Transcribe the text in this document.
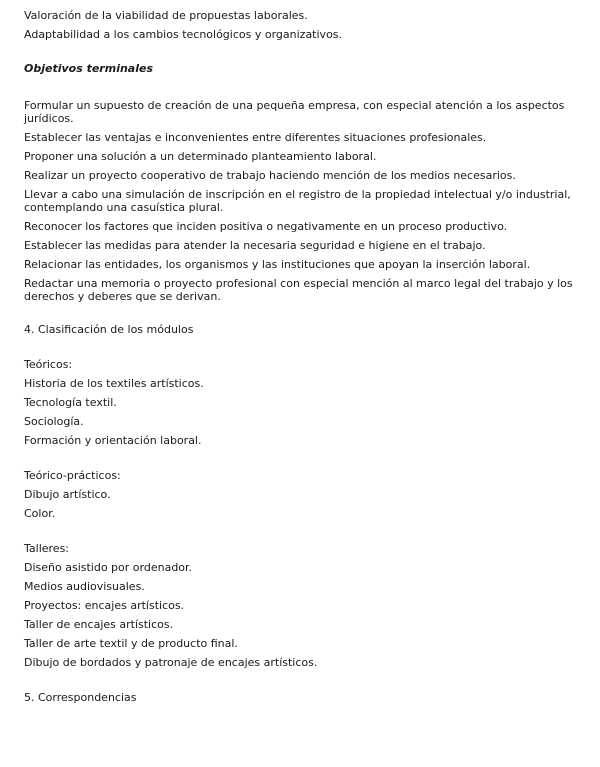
Valoración de la viabilidad de propuestas laborales.

Adaptabilidad a los cambios tecnológicos y organizativos.

Objetivos terminales

Formular un supuesto de creación de una pequeña empresa, con especial atención a los aspectos jurídicos.

Establecer las ventajas e inconvenientes entre diferentes situaciones profesionales.

Proponer una solución a un determinado planteamiento laboral.

Realizar un proyecto cooperativo de trabajo haciendo mención de los medios necesarios.

Llevar a cabo una simulación de inscripción en el registro de la propiedad intelectual y/o industrial, contemplando una casuística plural.

Reconocer los factores que inciden positiva o negativamente en un proceso productivo.

Establecer las medidas para atender la necesaria seguridad e higiene en el trabajo.

Relacionar las entidades, los organismos y las instituciones que apoyan la inserción laboral.

Redactar una memoria o proyecto profesional con especial mención al marco legal del trabajo y los derechos y deberes que se derivan.

4. Clasificación de los módulos

Teóricos:

Historia de los textiles artísticos.

Tecnología textil.

Sociología.

Formación y orientación laboral.

Teórico-prácticos:

Dibujo artístico.

Color.

Talleres:

Diseño asistido por ordenador.

Medios audiovisuales.

Proyectos: encajes artísticos.

Taller de encajes artísticos.

Taller de arte textil y de producto final.

Dibujo de bordados y patronaje de encajes artísticos.

5. Correspondencias
